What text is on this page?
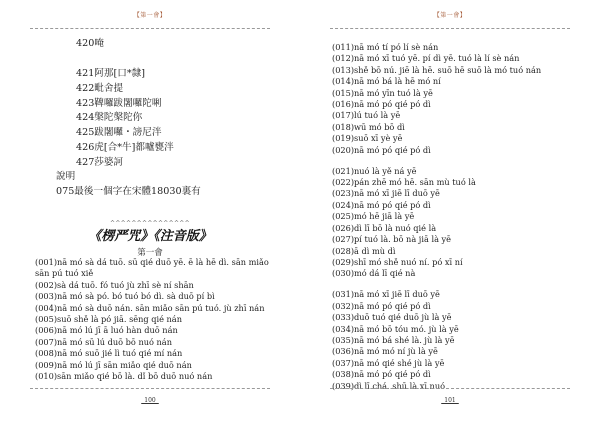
【第一會】
420唵
421阿那[口*隸]
422毗舍提
423鞞囉跋闍囉陀唎
424槃陀槃陀你
425跋闍囉・謗尼泮
426虎[合*牛]都嚧甕泮
427莎婆訶
說明
075最後一個字在宋體18030裏有
^^^^^^^^^^^^^^^
《楞严咒》《注音版》
第一會
(001)nā mó sà dá tuō. sū qié duō yē. ē là hē dì. sān miǎo sān pú tuó xiě
(002)sà dá tuō. fó tuó jù zhī sè ní shān
(003)nā mó sà pó. bó tuó bó dì. sà duō pí bì
(004)nā mó sà duō nán. sān miǎo sān pú tuó. jù zhī nán
(005)suō shě là pó jiā. sēng qié nán
(006)nā mó lú jī ā luó hàn duō nán
(007)nā mó sū lú duō bō nuó nán
(008)nā mó suō jié lì tuó qié mí nán
(009)nā mó lú jī sān miǎo qié duō nán
(010)sān miǎo qié bō là. dǐ bō duō nuó nán
_100_
【第一會】
(011)nā mó tí pó lí sè nán
(012)nā mó xī tuó yē. pí dì yē. tuó là lí sè nán
(013)shě bō nú. jiē là hē. suō hē suō là mó tuó nán
(014)nā mó bá là hē mó ní
(015)nā mó yīn tuó là yē
(016)nā mó pó qié pó dì
(017)lú tuó là yē
(018)wū mó bō dì
(019)suō xī yè yē
(020)nā mó pó qié pó dì
(021)nuó là yě ná yē
(022)pán zhē mó hē. sān mù tuó là
(023)nā mó xī jiē lī duō yē
(024)nā mó pó qié pó dì
(025)mó hē jiā là yē
(026)dì lī bō là nuó qié là
(027)pí tuó là. bō nà jiā là yē
(028)ā dì mù dì
(029)shī mó shě nuó ní. pó xī ní
(030)mó dá lī qié nà
(031)nā mó xī jiē lī duō yē
(032)nā mó pó qié pó dì
(033)duō tuó qié duō jù là yē
(034)nā mó bō tóu mó. jù là yē
(035)nā mó bá shé là. jù là yē
(036)nā mó mó ní jù là yē
(037)nā mó qié shé jù là yē
(038)nā mó pó qié pó dì
(039)dì lī chá. shū là xī nuó
_101_
